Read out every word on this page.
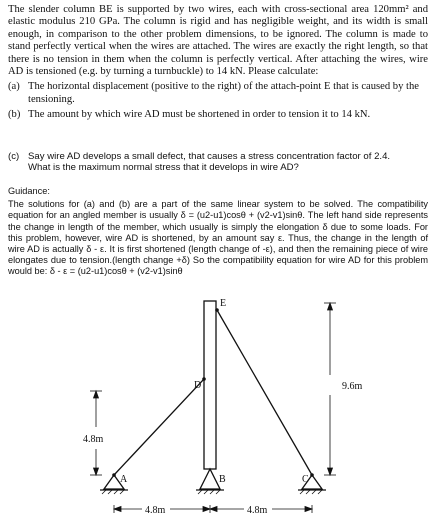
The slender column BE is supported by two wires, each with cross-sectional area 120mm² and elastic modulus 210 GPa. The column is rigid and has negligible weight, and its width is small enough, in comparison to the other problem dimensions, to be ignored. The column is made to stand perfectly vertical when the wires are attached. The wires are exactly the right length, so that there is no tension in them when the column is perfectly vertical. After attaching the wires, wire AD is tensioned (e.g. by turning a turnbuckle) to 14 kN. Please calculate:

(a) The horizontal displacement (positive to the right) of the attach-point E that is caused by the tensioning.
(b) The amount by which wire AD must be shortened in order to tension it to 14 kN.
(c) Say wire AD develops a small defect, that causes a stress concentration factor of 2.4.
What is the maximum normal stress that it develops in wire AD?
Guidance:

The solutions for (a) and (b) are a part of the same linear system to be solved. The compatibility equation for an angled member is usually δ = (u2-u1)cosθ + (v2-v1)sinθ. The left hand side represents the change in length of the member, which usually is simply the elongation δ due to some loads. For this problem, however, wire AD is shortened, by an amount say ε. Thus, the change in the length of wire AD is actually δ - ε. It is first shortened (length change of -ε), and then the remaining piece of wire elongates due to tension.(length change +δ) So the compatibility equation for wire AD for this problem would be: δ - ε = (u2-u1)cosθ + (v2-v1)sinθ

A	B	C
D
E
4.8m
9.6m
4.8m	4.8m
